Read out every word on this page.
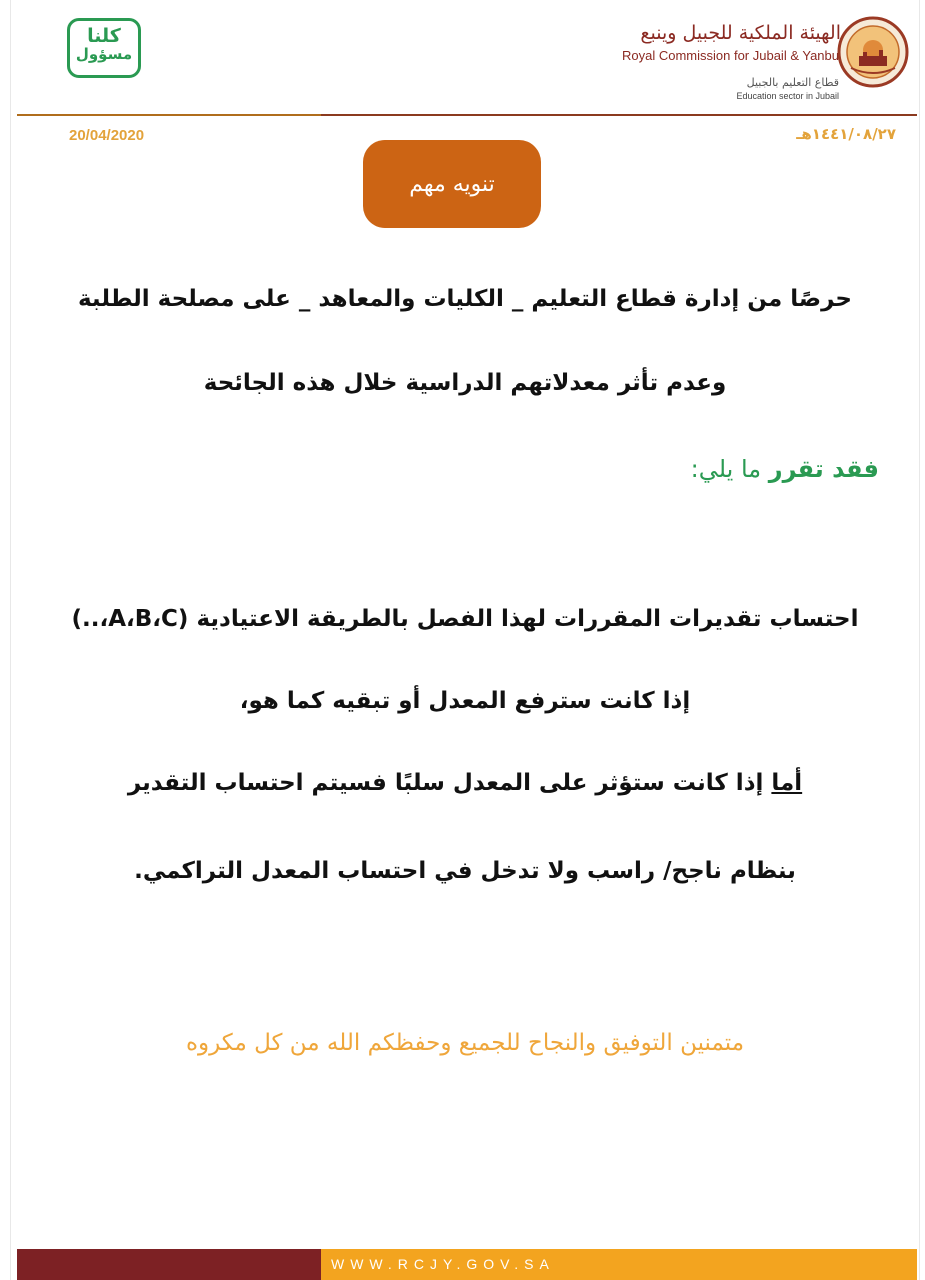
الهيئة الملكية للجبيل وينبع
Royal Commission for Jubail & Yanbu
قطاع التعليم بالجبيل
Education sector in Jubail
كلنا
مسؤول
20/04/2020	١٤٤١/٠٨/٢٧هـ
تنويه مهم
حرصًا من إدارة قطاع التعليم _ الكليات والمعاهد _ على مصلحة الطلبة
وعدم تأثر معدلاتهم الدراسية خلال هذه الجائحة
فقد تقرر ما يلي:
احتساب تقديرات المقررات لهذا الفصل بالطريقة الاعتيادية (A،B،C،..)
إذا كانت سترفع المعدل أو تبقيه كما هو،
أما إذا كانت ستؤثر على المعدل سلبًا فسيتم احتساب التقدير
بنظام ناجح/ راسب ولا تدخل في احتساب المعدل التراكمي.
متمنين التوفيق والنجاح للجميع وحفظكم الله من كل مكروه
WWW.RCJY.GOV.SA
